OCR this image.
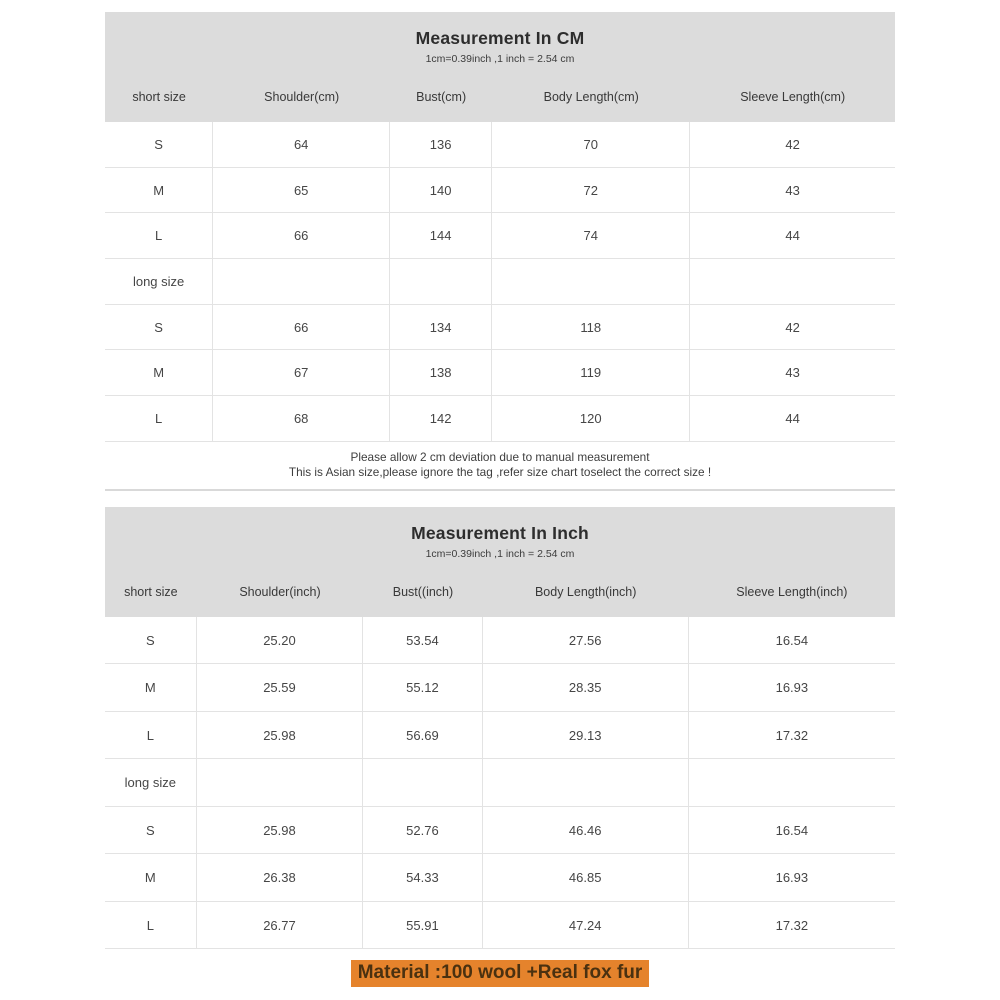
Measurement In CM
1cm=0.39inch ,1 inch = 2.54 cm
short size	Shoulder(cm)	Bust(cm)	Body Length(cm)	Sleeve Length(cm)
S	64	136	70	42
M	65	140	72	43
L	66	144	74	44
long size
S	66	134	118	42
M	67	138	119	43
L	68	142	120	44
Please allow 2 cm deviation due to manual measurement
This is Asian size,please ignore the tag ,refer size chart toselect the correct size !
Measurement In Inch
1cm=0.39inch ,1 inch = 2.54 cm
short size	Shoulder(inch)	Bust((inch)	Body Length(inch)	Sleeve Length(inch)
S	25.20	53.54	27.56	16.54
M	25.59	55.12	28.35	16.93
L	25.98	56.69	29.13	17.32
long size
S	25.98	52.76	46.46	16.54
M	26.38	54.33	46.85	16.93
L	26.77	55.91	47.24	17.32
Material :100 wool +Real fox fur
